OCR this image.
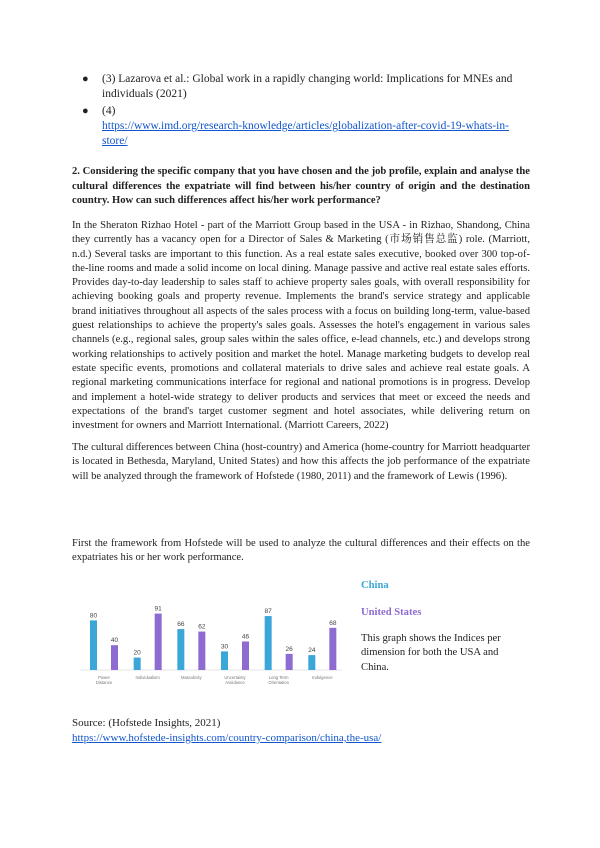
● (3) Lazarova et al.: Global work in a rapidly changing world: Implications for MNEs and individuals (2021)
● (4)
https://www.imd.org/research-knowledge/articles/globalization-after-covid-19-whats-in-store/
2. Considering the specific company that you have chosen and the job profile, explain and analyse the cultural differences the expatriate will find between his/her country of origin and the destination country. How can such differences affect his/her work performance?
In the Sheraton Rizhao Hotel - part of the Marriott Group based in the USA - in Rizhao, Shandong, China they currently has a vacancy open for a Director of Sales & Marketing (市场销售总监) role. (Marriott, n.d.) Several tasks are important to this function. As a real estate sales executive, booked over 300 top-of-the-line rooms and made a solid income on local dining. Manage passive and active real estate sales efforts. Provides day-to-day leadership to sales staff to achieve property sales goals, with overall responsibility for achieving booking goals and property revenue. Implements the brand's service strategy and applicable brand initiatives throughout all aspects of the sales process with a focus on building long-term, value-based guest relationships to achieve the property's sales goals. Assesses the hotel's engagement in various sales channels (e.g., regional sales, group sales within the sales office, e-lead channels, etc.) and develops strong working relationships to actively position and market the hotel. Manage marketing budgets to develop real estate specific events, promotions and collateral materials to drive sales and achieve real estate goals. A regional marketing communications interface for regional and national promotions is in progress. Develop and implement a hotel-wide strategy to deliver products and services that meet or exceed the needs and expectations of the brand's target customer segment and hotel associates, while delivering return on investment for owners and Marriott International. (Marriott Careers, 2022)
The cultural differences between China (host-country) and America (home-country for Marriott headquarter is located in Bethesda, Maryland, United States) and how this affects the job performance of the expatriate will be analyzed through the framework of Hofstede (1980, 2011) and the framework of Lewis (1996).
First the framework from Hofstede will be used to analyze the cultural differences and their effects on the expatriates his or her work performance.
80
40
Power Distance
20
91
Individualism
66 62
Masculinity
30
46
Uncertainty Avoidance
87
26
Long Term Orientation
24
68
Indulgence
China
United States
This graph shows the Indices per dimension for both the USA and China.
Source: (Hofstede Insights, 2021)
https://www.hofstede-insights.com/country-comparison/china,the-usa/
